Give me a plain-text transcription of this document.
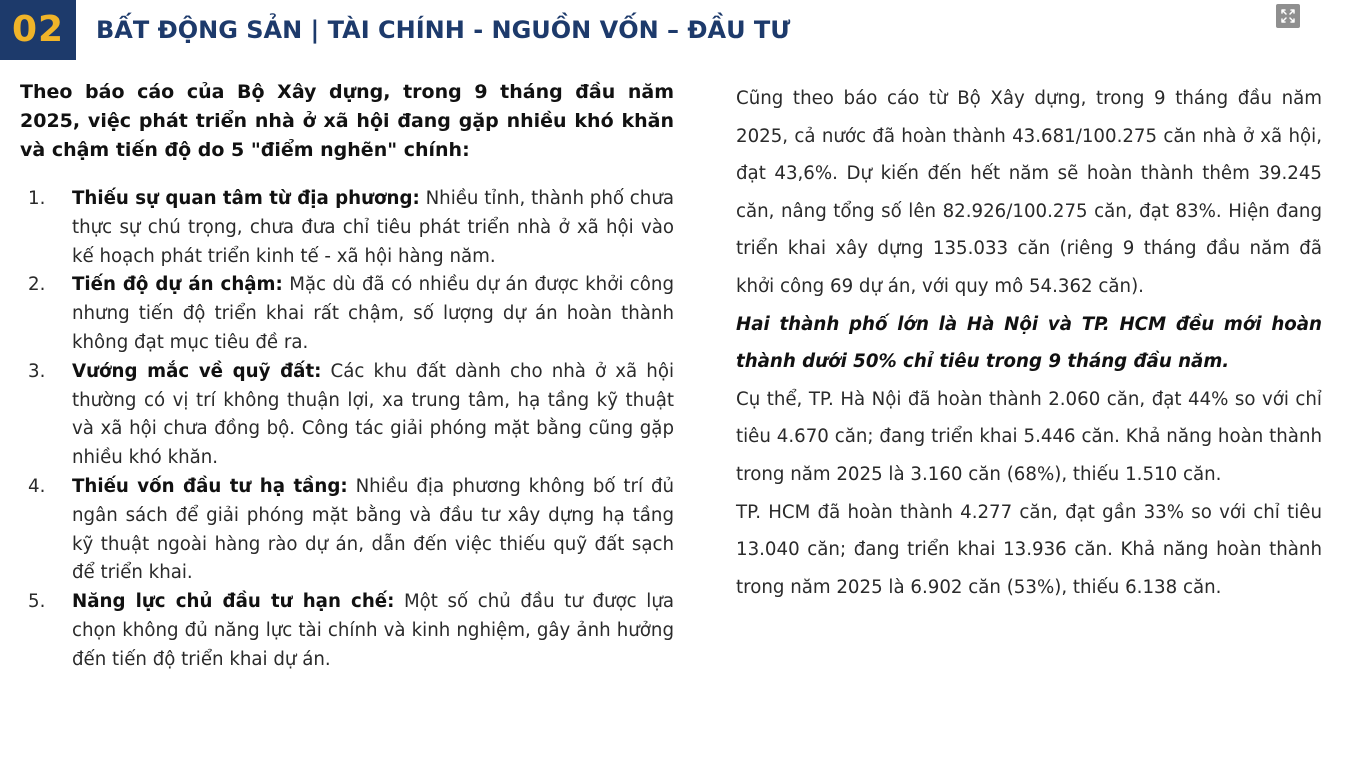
02	BẤT ĐỘNG SẢN | TÀI CHÍNH - NGUỒN VỐN – ĐẦU TƯ

Theo báo cáo của Bộ Xây dựng, trong 9 tháng đầu năm 2025, việc phát triển nhà ở xã hội đang gặp nhiều khó khăn và chậm tiến độ do 5 "điểm nghẽn" chính:

1. Thiếu sự quan tâm từ địa phương: Nhiều tỉnh, thành phố chưa thực sự chú trọng, chưa đưa chỉ tiêu phát triển nhà ở xã hội vào kế hoạch phát triển kinh tế - xã hội hàng năm.
2. Tiến độ dự án chậm: Mặc dù đã có nhiều dự án được khởi công nhưng tiến độ triển khai rất chậm, số lượng dự án hoàn thành không đạt mục tiêu đề ra.
3. Vướng mắc về quỹ đất: Các khu đất dành cho nhà ở xã hội thường có vị trí không thuận lợi, xa trung tâm, hạ tầng kỹ thuật và xã hội chưa đồng bộ. Công tác giải phóng mặt bằng cũng gặp nhiều khó khăn.
4. Thiếu vốn đầu tư hạ tầng: Nhiều địa phương không bố trí đủ ngân sách để giải phóng mặt bằng và đầu tư xây dựng hạ tầng kỹ thuật ngoài hàng rào dự án, dẫn đến việc thiếu quỹ đất sạch để triển khai.
5. Năng lực chủ đầu tư hạn chế: Một số chủ đầu tư được lựa chọn không đủ năng lực tài chính và kinh nghiệm, gây ảnh hưởng đến tiến độ triển khai dự án.

Cũng theo báo cáo từ Bộ Xây dựng, trong 9 tháng đầu năm 2025, cả nước đã hoàn thành 43.681/100.275 căn nhà ở xã hội, đạt 43,6%. Dự kiến đến hết năm sẽ hoàn thành thêm 39.245 căn, nâng tổng số lên 82.926/100.275 căn, đạt 83%. Hiện đang triển khai xây dựng 135.033 căn (riêng 9 tháng đầu năm đã khởi công 69 dự án, với quy mô 54.362 căn).

Hai thành phố lớn là Hà Nội và TP. HCM đều mới hoàn thành dưới 50% chỉ tiêu trong 9 tháng đầu năm.

Cụ thể, TP. Hà Nội đã hoàn thành 2.060 căn, đạt 44% so với chỉ tiêu 4.670 căn; đang triển khai 5.446 căn. Khả năng hoàn thành trong năm 2025 là 3.160 căn (68%), thiếu 1.510 căn.

TP. HCM đã hoàn thành 4.277 căn, đạt gần 33% so với chỉ tiêu 13.040 căn; đang triển khai 13.936 căn. Khả năng hoàn thành trong năm 2025 là 6.902 căn (53%), thiếu 6.138 căn.
